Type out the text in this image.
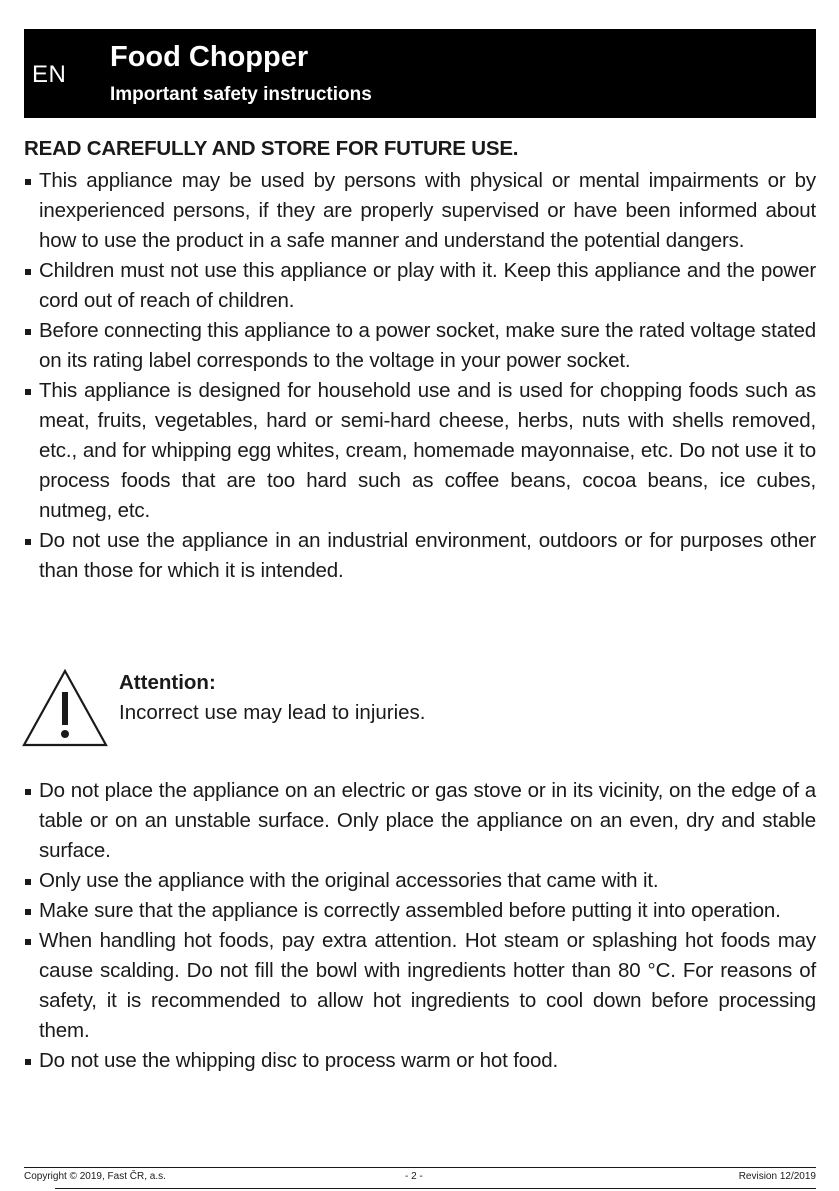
EN
Food Chopper
Important safety instructions
READ CAREFULLY AND STORE FOR FUTURE USE.
This appliance may be used by persons with physical or mental impairments or by inexperienced persons, if they are properly supervised or have been informed about how to use the product in a safe manner and understand the potential dangers.
Children must not use this appliance or play with it. Keep this appliance and the power cord out of reach of children.
Before connecting this appliance to a power socket, make sure the rated voltage stated on its rating label corresponds to the voltage in your power socket.
This appliance is designed for household use and is used for chopping foods such as meat, fruits, vegetables, hard or semi-hard cheese, herbs, nuts with shells removed, etc., and for whipping egg whites, cream, homemade mayonnaise, etc. Do not use it to process foods that are too hard such as coffee beans, cocoa beans, ice cubes, nutmeg, etc.
Do not use the appliance in an industrial environment, outdoors or for purposes other than those for which it is intended.
Attention:
Incorrect use may lead to injuries.
Do not place the appliance on an electric or gas stove or in its vicinity, on the edge of a table or on an unstable surface. Only place the appliance on an even, dry and stable surface.
Only use the appliance with the original accessories that came with it.
Make sure that the appliance is correctly assembled before putting it into operation.
When handling hot foods, pay extra attention. Hot steam or splashing hot foods may cause scalding. Do not fill the bowl with ingredients hotter than 80 °C. For reasons of safety, it is recommended to allow hot ingredients to cool down before processing them.
Do not use the whipping disc to process warm or hot food.
Copyright © 2019, Fast ČR, a.s.	- 2 -	Revision 12/2019
